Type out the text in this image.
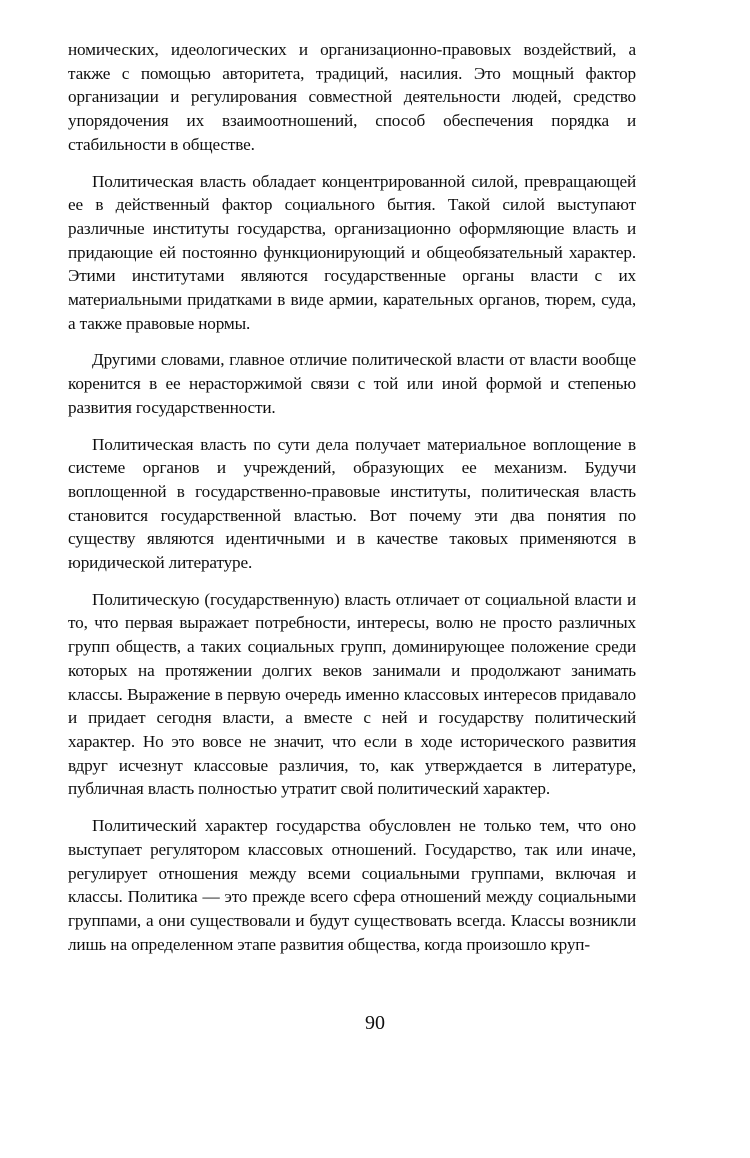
номических, идеологических и организационно-правовых воздействий, а также с помощью авторитета, традиций, насилия. Это мощный фактор организации и регулирования совместной деятельности людей, средство упорядочения их взаимоотношений, способ обеспечения порядка и стабильности в обществе.

Политическая власть обладает концентрированной силой, превращающей ее в действенный фактор социального бытия. Такой силой выступают различные институты государства, организационно оформляющие власть и придающие ей постоянно функционирующий и общеобязательный характер. Этими институтами являются государственные органы власти с их материальными придатками в виде армии, карательных органов, тюрем, суда, а также правовые нормы.

Другими словами, главное отличие политической власти от власти вообще коренится в ее нерасторжимой связи с той или иной формой и степенью развития государственности.

Политическая власть по сути дела получает материальное воплощение в системе органов и учреждений, образующих ее механизм. Будучи воплощенной в государственно-правовые институты, политическая власть становится государственной властью. Вот почему эти два понятия по существу являются идентичными и в качестве таковых применяются в юридической литературе.

Политическую (государственную) власть отличает от социальной власти и то, что первая выражает потребности, интересы, волю не просто различных групп обществ, а таких социальных групп, доминирующее положение среди которых на протяжении долгих веков занимали и продолжают занимать классы. Выражение в первую очередь именно классовых интересов придавало и придает сегодня власти, а вместе с ней и государству политический характер. Но это вовсе не значит, что если в ходе исторического развития вдруг исчезнут классовые различия, то, как утверждается в литературе, публичная власть полностью утратит свой политический характер.

Политический характер государства обусловлен не только тем, что оно выступает регулятором классовых отношений. Государство, так или иначе, регулирует отношения между всеми социальными группами, включая и классы. Политика — это прежде всего сфера отношений между социальными группами, а они существовали и будут существовать всегда. Классы возникли лишь на определенном этапе развития общества, когда произошло круп-

90
